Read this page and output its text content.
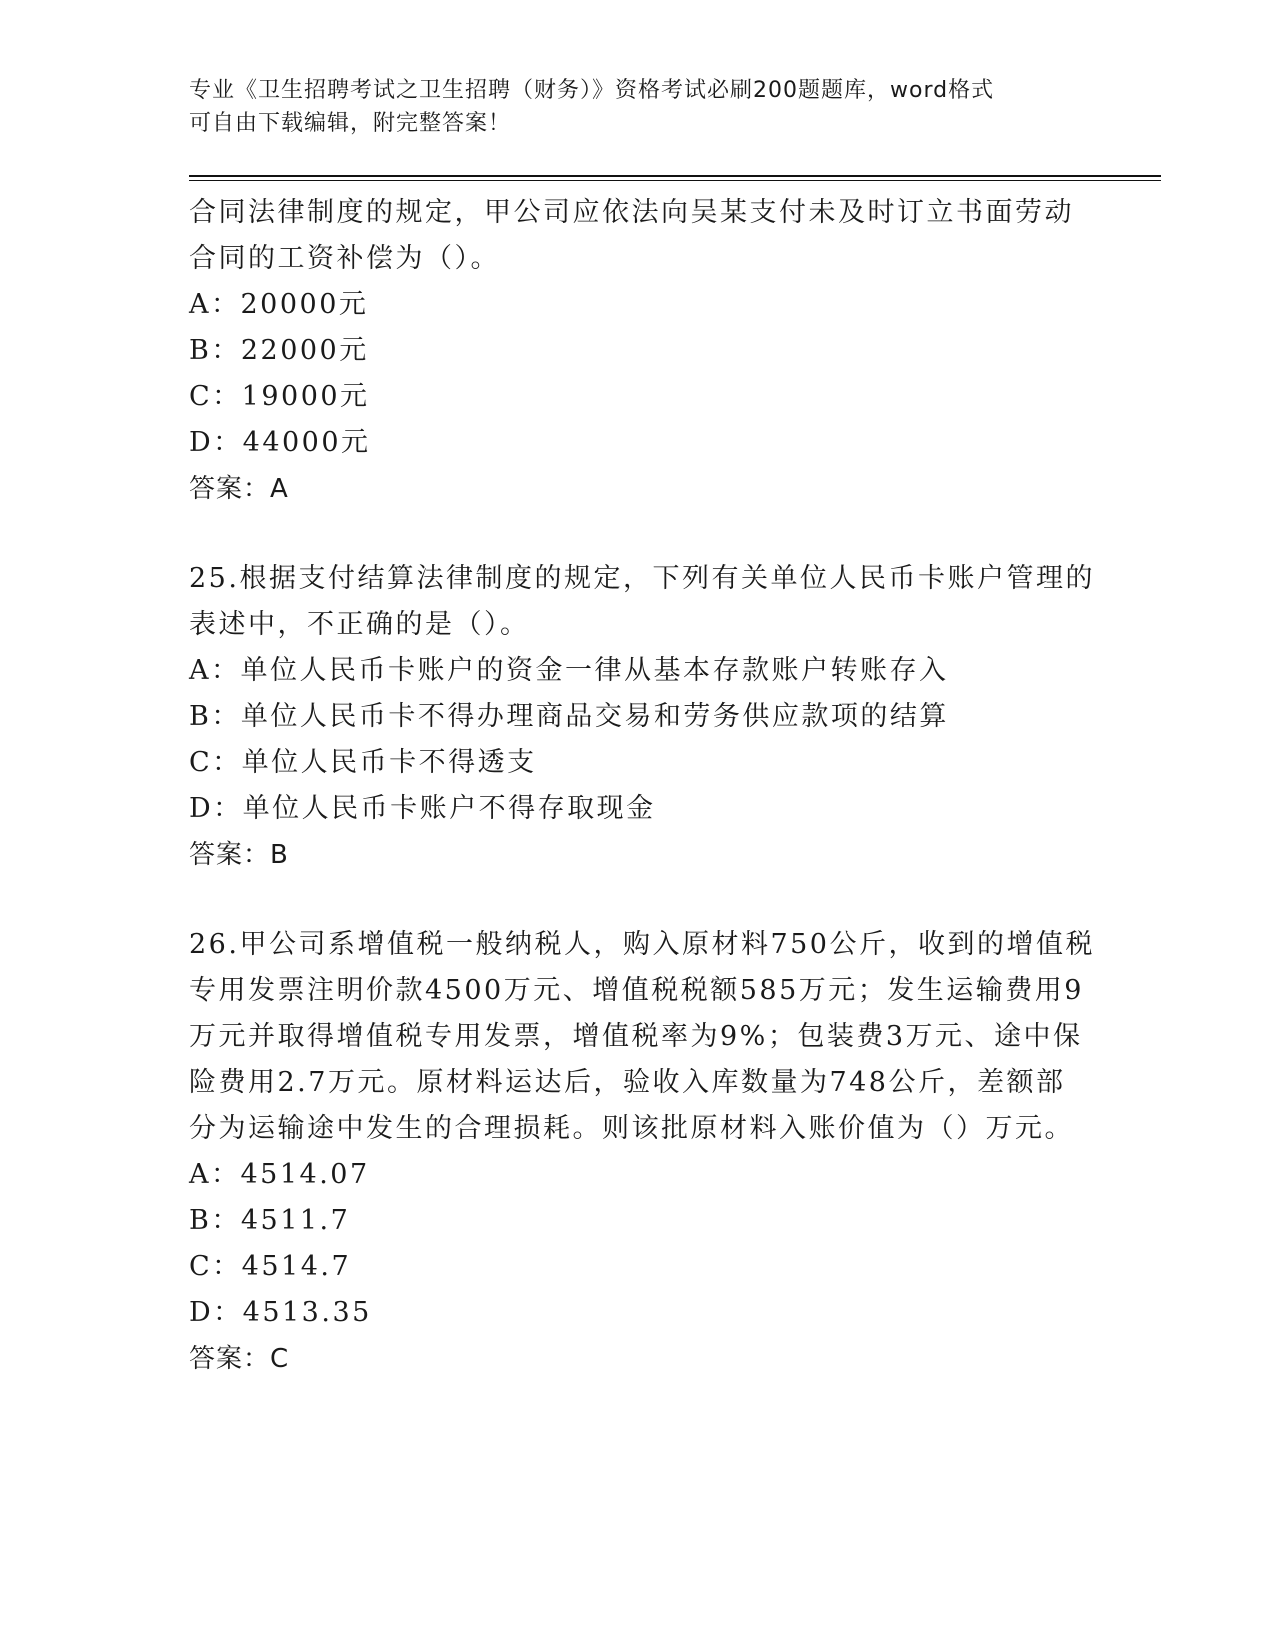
专业《卫生招聘考试之卫生招聘（财务）》资格考试必刷200题题库，word格式
可自由下载编辑，附完整答案！
合同法律制度的规定，甲公司应依法向吴某支付未及时订立书面劳动
合同的工资补偿为（）。
A：20000元
B：22000元
C：19000元
D：44000元
答案：A
25.根据支付结算法律制度的规定，下列有关单位人民币卡账户管理的
表述中，不正确的是（）。
A：单位人民币卡账户的资金一律从基本存款账户转账存入
B：单位人民币卡不得办理商品交易和劳务供应款项的结算
C：单位人民币卡不得透支
D：单位人民币卡账户不得存取现金
答案：B
26.甲公司系增值税一般纳税人，购入原材料750公斤，收到的增值税
专用发票注明价款4500万元、增值税税额585万元；发生运输费用9
万元并取得增值税专用发票，增值税率为9%；包装费3万元、途中保
险费用2.7万元。原材料运达后，验收入库数量为748公斤，差额部
分为运输途中发生的合理损耗。则该批原材料入账价值为（）万元。
A：4514.07
B：4511.7
C：4514.7
D：4513.35
答案：C
